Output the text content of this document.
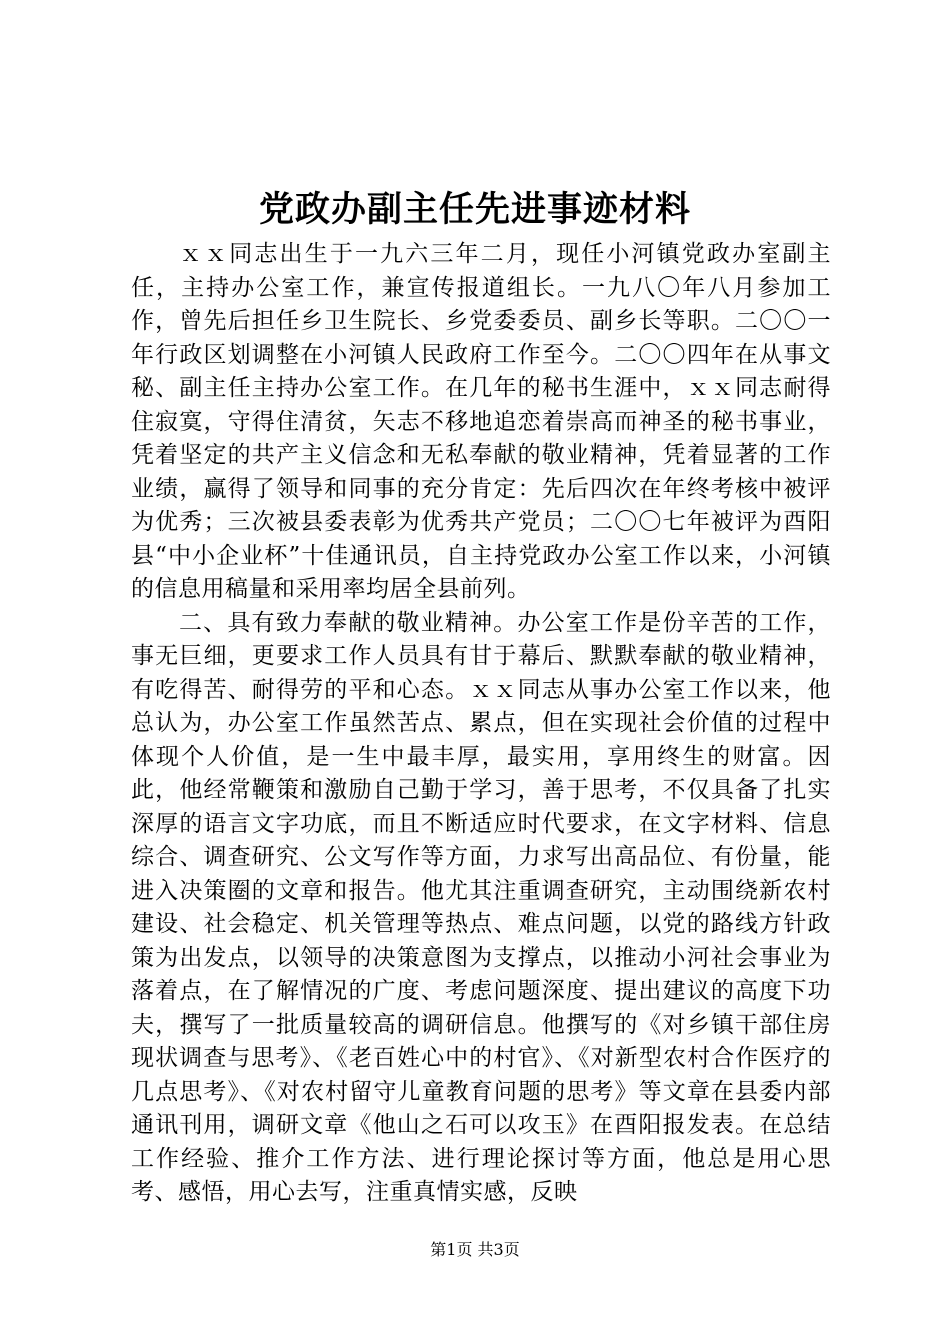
党政办副主任先进事迹材料

ｘｘ同志出生于一九六三年二月，现任小河镇党政办室副主任，主持办公室工作，兼宣传报道组长。一九八〇年八月参加工作，曾先后担任乡卫生院长、乡党委委员、副乡长等职。二〇〇一年行政区划调整在小河镇人民政府工作至今。二〇〇四年在从事文秘、副主任主持办公室工作。在几年的秘书生涯中，ｘｘ同志耐得住寂寞，守得住清贫，矢志不移地追恋着崇高而神圣的秘书事业，凭着坚定的共产主义信念和无私奉献的敬业精神，凭着显著的工作业绩，赢得了领导和同事的充分肯定：先后四次在年终考核中被评为优秀；三次被县委表彰为优秀共产党员；二〇〇七年被评为酉阳县“中小企业杯”十佳通讯员，自主持党政办公室工作以来，小河镇的信息用稿量和采用率均居全县前列。

二、具有致力奉献的敬业精神。办公室工作是份辛苦的工作，事无巨细，更要求工作人员具有甘于幕后、默默奉献的敬业精神，有吃得苦、耐得劳的平和心态。ｘｘ同志从事办公室工作以来，他总认为，办公室工作虽然苦点、累点，但在实现社会价值的过程中体现个人价值，是一生中最丰厚，最实用，享用终生的财富。因此，他经常鞭策和激励自己勤于学习，善于思考，不仅具备了扎实深厚的语言文字功底，而且不断适应时代要求，在文字材料、信息综合、调查研究、公文写作等方面，力求写出高品位、有份量，能进入决策圈的文章和报告。他尤其注重调查研究，主动围绕新农村建设、社会稳定、机关管理等热点、难点问题，以党的路线方针政策为出发点，以领导的决策意图为支撑点，以推动小河社会事业为落着点，在了解情况的广度、考虑问题深度、提出建议的高度下功夫，撰写了一批质量较高的调研信息。他撰写的《对乡镇干部住房现状调查与思考》、《老百姓心中的村官》、《对新型农村合作医疗的几点思考》、《对农村留守儿童教育问题的思考》等文章在县委内部通讯刊用，调研文章《他山之石可以攻玉》在酉阳报发表。在总结工作经验、推介工作方法、进行理论探讨等方面，他总是用心思考、感悟，用心去写，注重真情实感，反映

第1页 共3页
